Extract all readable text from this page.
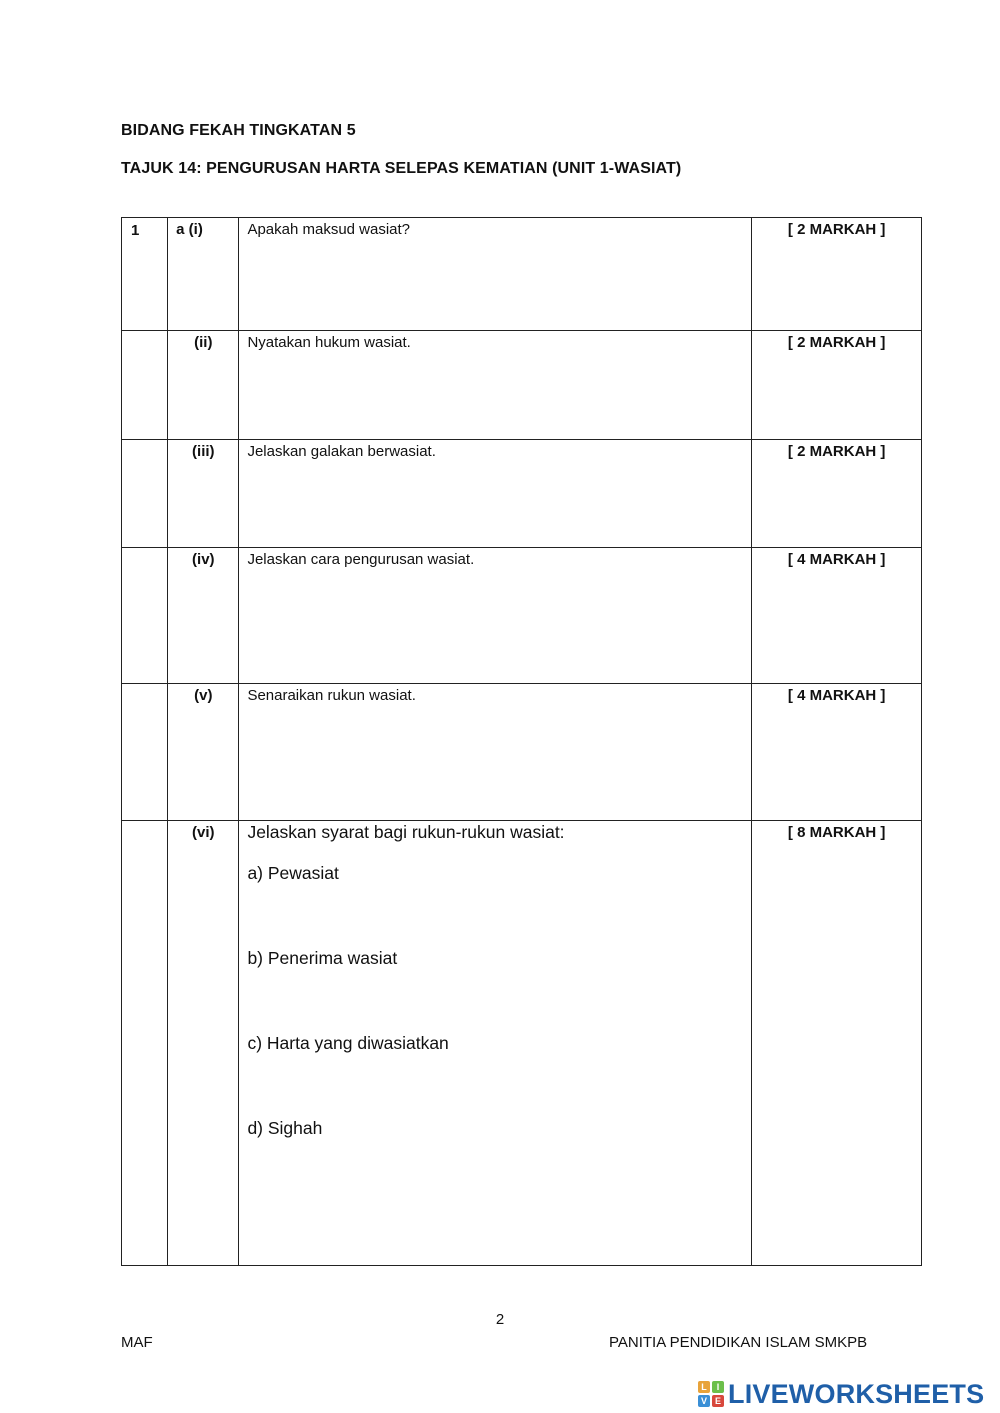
BIDANG FEKAH TINGKATAN 5
TAJUK 14: PENGURUSAN HARTA SELEPAS KEMATIAN (UNIT 1-WASIAT)
1	a (i)	Apakah maksud wasiat?	[ 2 MARKAH ]

	(ii)	Nyatakan hukum wasiat.	[ 2 MARKAH ]

	(iii)	Jelaskan galakan berwasiat.	[ 2 MARKAH ]

	(iv)	Jelaskan cara pengurusan wasiat.	[ 4 MARKAH ]

	(v)	Senaraikan rukun wasiat.	[ 4 MARKAH ]

	(vi)	Jelaskan syarat bagi rukun-rukun wasiat:
a) Pewasiat
b) Penerima wasiat
c) Harta yang diwasiatkan
d) Sighah	[ 8 MARKAH ]
2
MAF	PANITIA PENDIDIKAN ISLAM SMKPB
L	I
V E LIVEWORKSHEETS
